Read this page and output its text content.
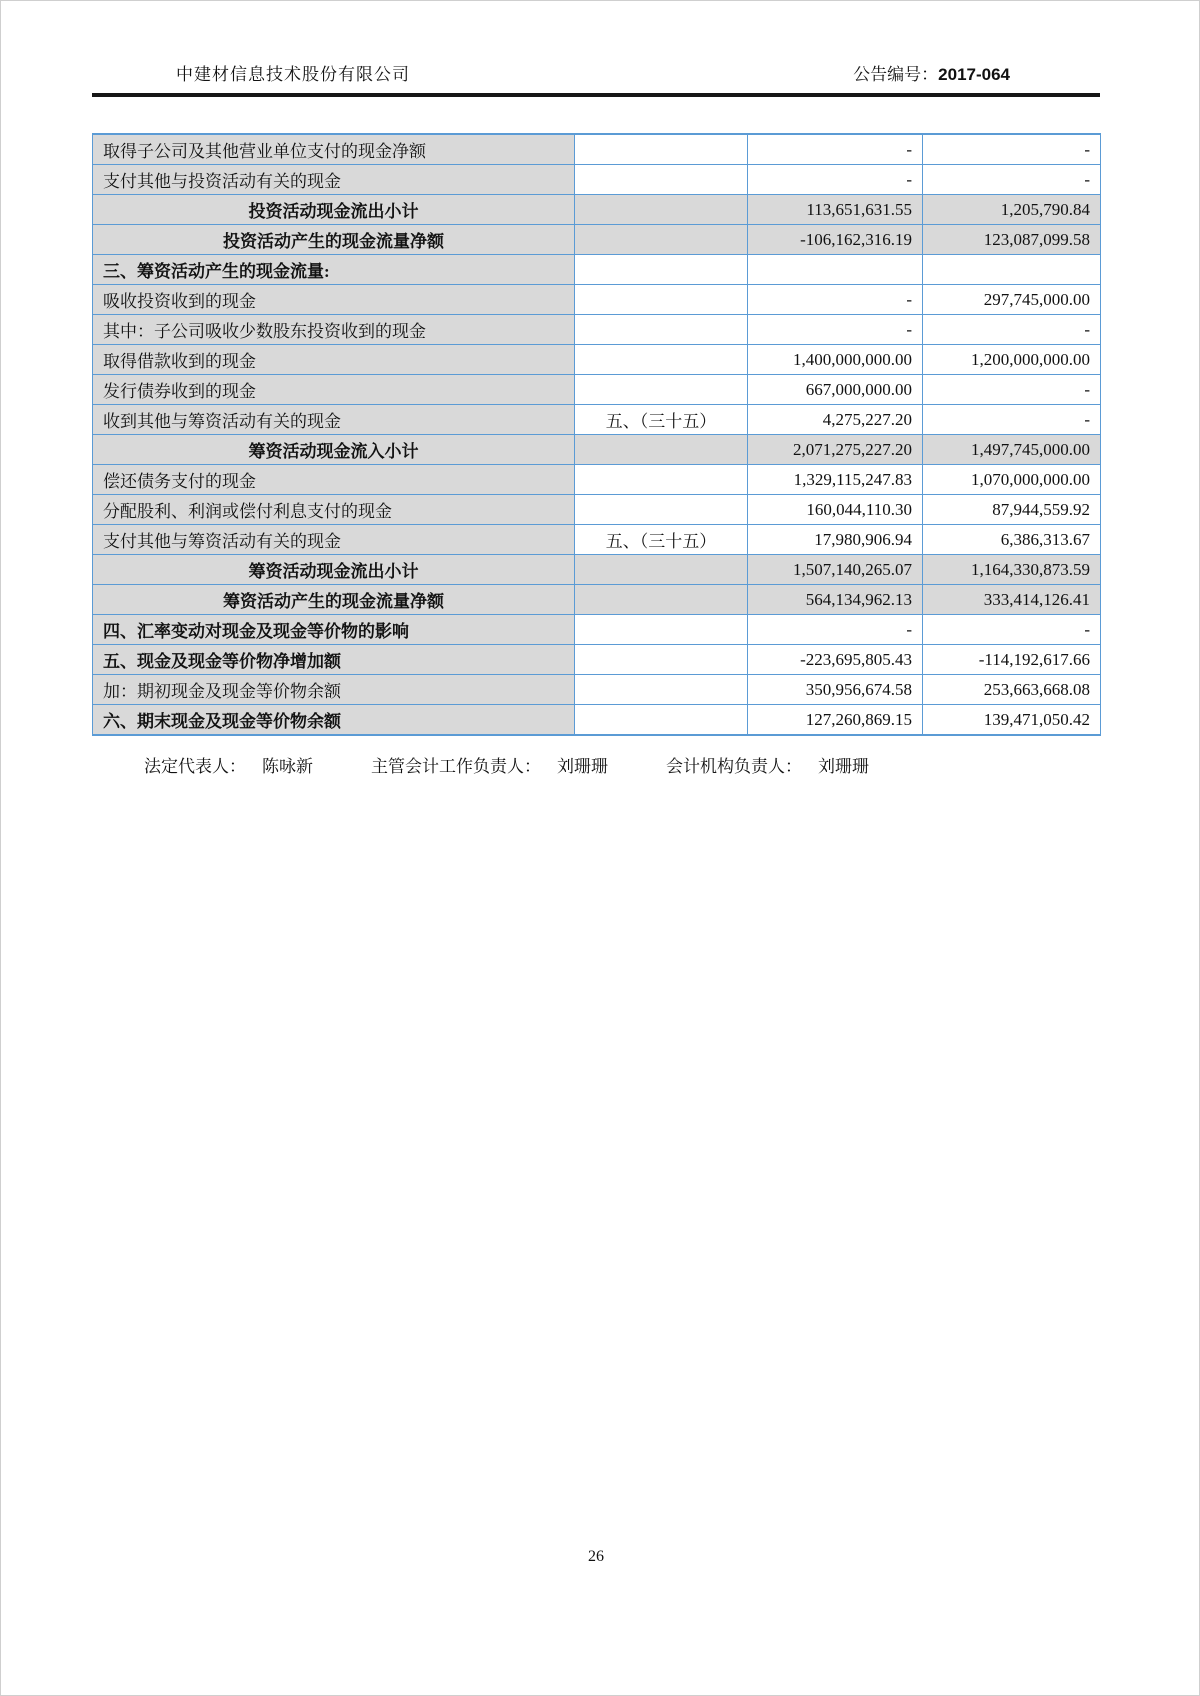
中建材信息技术股份有限公司	公告编号：2017-064
取得子公司及其他营业单位支付的现金净额		-	-
支付其他与投资活动有关的现金		-	-
投资活动现金流出小计		113,651,631.55	1,205,790.84
投资活动产生的现金流量净额		-106,162,316.19	123,087,099.58
三、筹资活动产生的现金流量:			
吸收投资收到的现金		-	297,745,000.00
其中：子公司吸收少数股东投资收到的现金		-	-
取得借款收到的现金		1,400,000,000.00	1,200,000,000.00
发行债券收到的现金		667,000,000.00	-
收到其他与筹资活动有关的现金	五、（三十五）	4,275,227.20	-
筹资活动现金流入小计		2,071,275,227.20	1,497,745,000.00
偿还债务支付的现金		1,329,115,247.83	1,070,000,000.00
分配股利、利润或偿付利息支付的现金		160,044,110.30	87,944,559.92
支付其他与筹资活动有关的现金	五、（三十五）	17,980,906.94	6,386,313.67
筹资活动现金流出小计		1,507,140,265.07	1,164,330,873.59
筹资活动产生的现金流量净额		564,134,962.13	333,414,126.41
四、汇率变动对现金及现金等价物的影响		-	-
五、现金及现金等价物净增加额		-223,695,805.43	-114,192,617.66
加：期初现金及现金等价物余额		350,956,674.58	253,663,668.08
六、期末现金及现金等价物余额		127,260,869.15	139,471,050.42
法定代表人： 陈咏新	主管会计工作负责人： 刘珊珊	会计机构负责人： 刘珊珊
26
